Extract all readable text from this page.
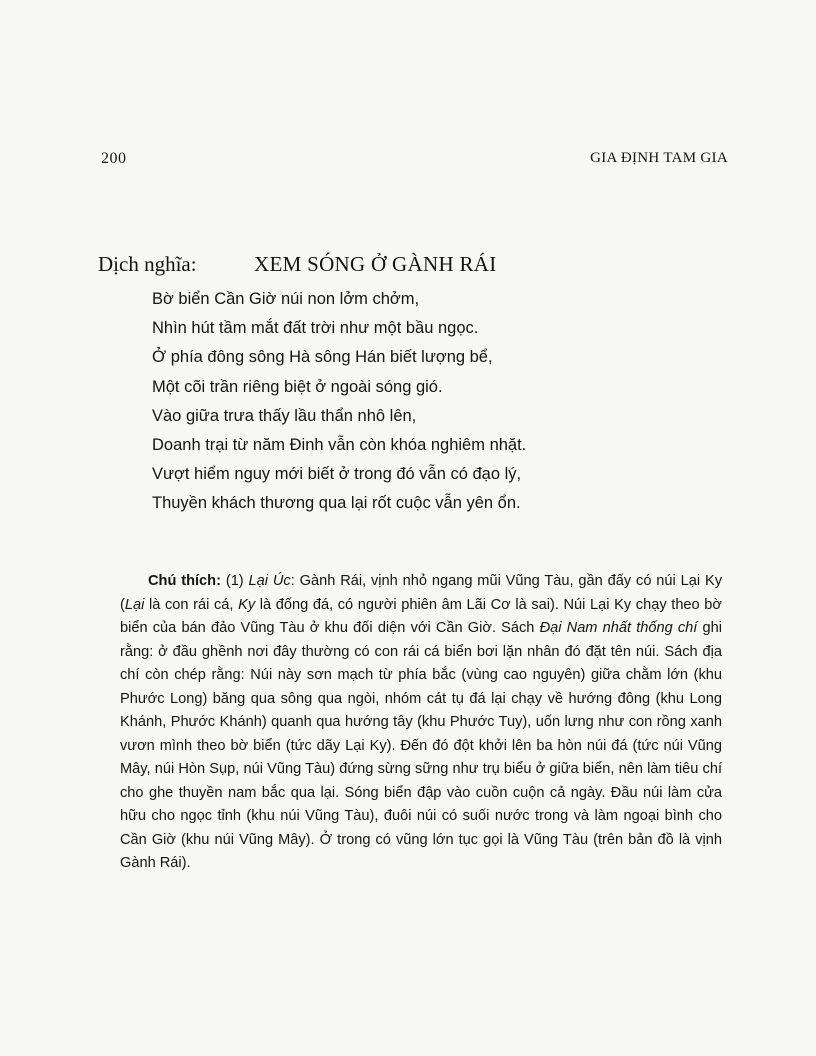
200	GIA ĐỊNH TAM GIA
Dịch nghĩa:	XEM SÓNG Ở GÀNH RÁI
Bờ biển Cần Giờ núi non lởm chởm,
Nhìn hút tầm mắt đất trời như một bầu ngọc.
Ở phía đông sông Hà sông Hán biết lượng bể,
Một cõi trần riêng biệt ở ngoài sóng gió.
Vào giữa trưa thấy lầu thẩn nhô lên,
Doanh trại từ năm Đinh vẫn còn khóa nghiêm nhặt.
Vượt hiểm nguy mới biết ở trong đó vẫn có đạo lý,
Thuyền khách thương qua lại rốt cuộc vẫn yên ổn.

Chú thích: (1) Lại Úc: Gành Rái, vịnh nhỏ ngang mũi Vũng Tàu, gần đấy có núi Lại Ky (Lại là con rái cá, Ky là đống đá, có người phiên âm Lãi Cơ là sai). Núi Lại Ky chạy theo bờ biển của bán đảo Vũng Tàu ở khu đối diện với Cần Giờ. Sách Đại Nam nhất thống chí ghi rằng: ở đầu ghềnh nơi đây thường có con rái cá biển bơi lặn nhân đó đặt tên núi. Sách địa chí còn chép rằng: Núi này sơn mạch từ phía bắc (vùng cao nguyên) giữa chằm lớn (khu Phước Long) băng qua sông qua ngòi, nhóm cát tụ đá lại chạy về hướng đông (khu Long Khánh, Phước Khánh) quanh qua hướng tây (khu Phước Tuy), uốn lưng như con rồng xanh vươn mình theo bờ biển (tức dãy Lại Ky). Đến đó đột khởi lên ba hòn núi đá (tức núi Vũng Mây, núi Hòn Sụp, núi Vũng Tàu) đứng sừng sững như trụ biểu ở giữa biển, nên làm tiêu chí cho ghe thuyền nam bắc qua lại. Sóng biển đập vào cuồn cuộn cả ngày. Đầu núi làm cửa hữu cho ngọc tỉnh (khu núi Vũng Tàu), đuôi núi có suối nước trong và làm ngoại bình cho Cần Giờ (khu núi Vũng Mây). Ở trong có vũng lớn tục gọi là Vũng Tàu (trên bản đồ là vịnh Gành Rái).
